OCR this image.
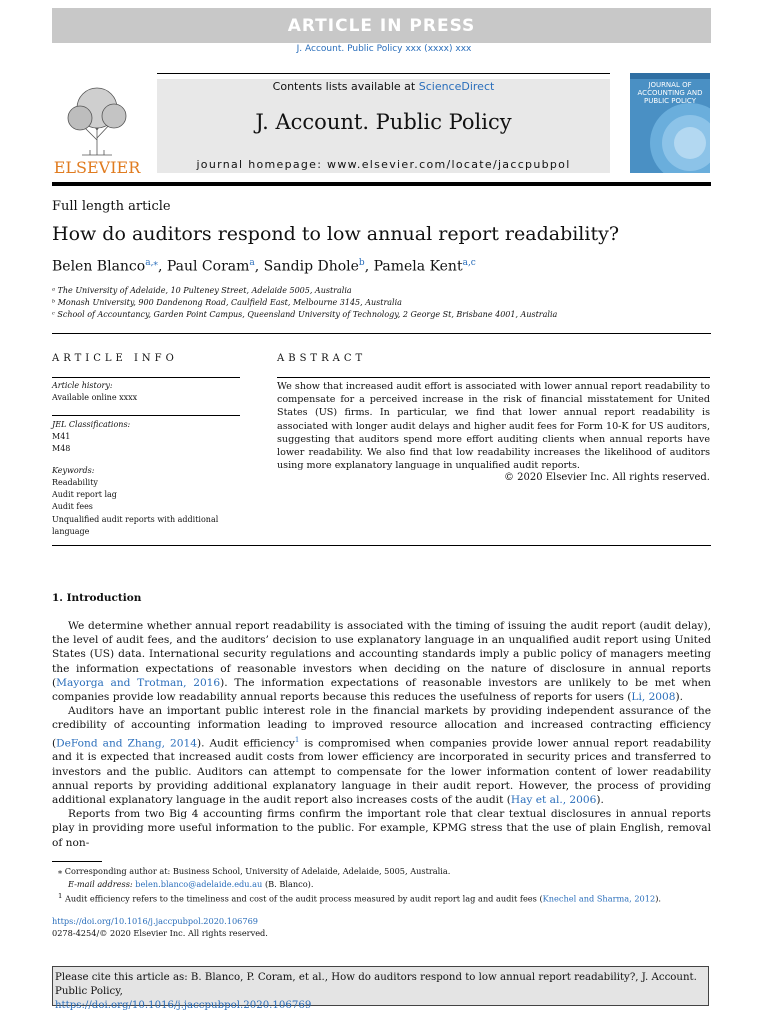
ARTICLE IN PRESS
J. Account. Public Policy xxx (xxxx) xxx
ELSEVIER
Contents lists available at ScienceDirect
J. Account. Public Policy
journal homepage: www.elsevier.com/locate/jaccpubpol
JOURNAL OF ACCOUNTING AND PUBLIC POLICY
Full length article
How do auditors respond to low annual report readability?
Belen Blanco$^{a,⁎}$, Paul Coram$^a$, Sandip Dhole$^b$, Pamela Kent$^{a,c}$
ᵃ The University of Adelaide, 10 Pulteney Street, Adelaide 5005, Australia
ᵇ Monash University, 900 Dandenong Road, Caulfield East, Melbourne 3145, Australia
ᶜ School of Accountancy, Garden Point Campus, Queensland University of Technology, 2 George St, Brisbane 4001, Australia
ARTICLE INFO
Article history:
Available online xxxx
JEL Classifications:
M41
M48
Keywords:
Readability
Audit report lag
Audit fees
Unqualified audit reports with additional language
ABSTRACT
We show that increased audit effort is associated with lower annual report readability to compensate for a perceived increase in the risk of financial misstatement for United States (US) firms. In particular, we find that lower annual report readability is associated with longer audit delays and higher audit fees for Form 10-K for US auditors, suggesting that auditors spend more effort auditing clients when annual reports have lower readability. We also find that low readability increases the likelihood of auditors using more explanatory language in unqualified audit reports.
© 2020 Elsevier Inc. All rights reserved.
1. Introduction

We determine whether annual report readability is associated with the timing of issuing the audit report (audit delay), the level of audit fees, and the auditors’ decision to use explanatory language in an unqualified audit report using United States (US) data. International security regulations and accounting standards imply a public policy of managers meeting the information expectations of reasonable investors when deciding on the nature of disclosure in annual reports (Mayorga and Trotman, 2016). The information expectations of reasonable investors are unlikely to be met when companies provide low readability annual reports because this reduces the usefulness of reports for users (Li, 2008).

Auditors have an important public interest role in the financial markets by providing independent assurance of the credibility of accounting information leading to improved resource allocation and increased contracting efficiency (DeFond and Zhang, 2014). Audit efficiency$^1$ is compromised when companies provide lower annual report readability and it is expected that increased audit costs from lower efficiency are incorporated in security prices and transferred to investors and the public. Auditors can attempt to compensate for the lower information content of lower readability annual reports by providing additional explanatory language in their audit report. However, the process of providing additional explanatory language in the audit report also increases costs of the audit (Hay et al., 2006).

Reports from two Big 4 accounting firms confirm the important role that clear textual disclosures in annual reports play in providing more useful information to the public. For example, KPMG stress that the use of plain English, removal of non-

⁎ Corresponding author at: Business School, University of Adelaide, Adelaide, 5005, Australia.
E-mail address: belen.blanco@adelaide.edu.au (B. Blanco).
$^1$ Audit efficiency refers to the timeliness and cost of the audit process measured by audit report lag and audit fees (Knechel and Sharma, 2012).
https://doi.org/10.1016/j.jaccpubpol.2020.106769
0278-4254/© 2020 Elsevier Inc. All rights reserved.
Please cite this article as: B. Blanco, P. Coram, et al., How do auditors respond to low annual report readability?, J. Account. Public Policy,
https://doi.org/10.1016/j.jaccpubpol.2020.106769
